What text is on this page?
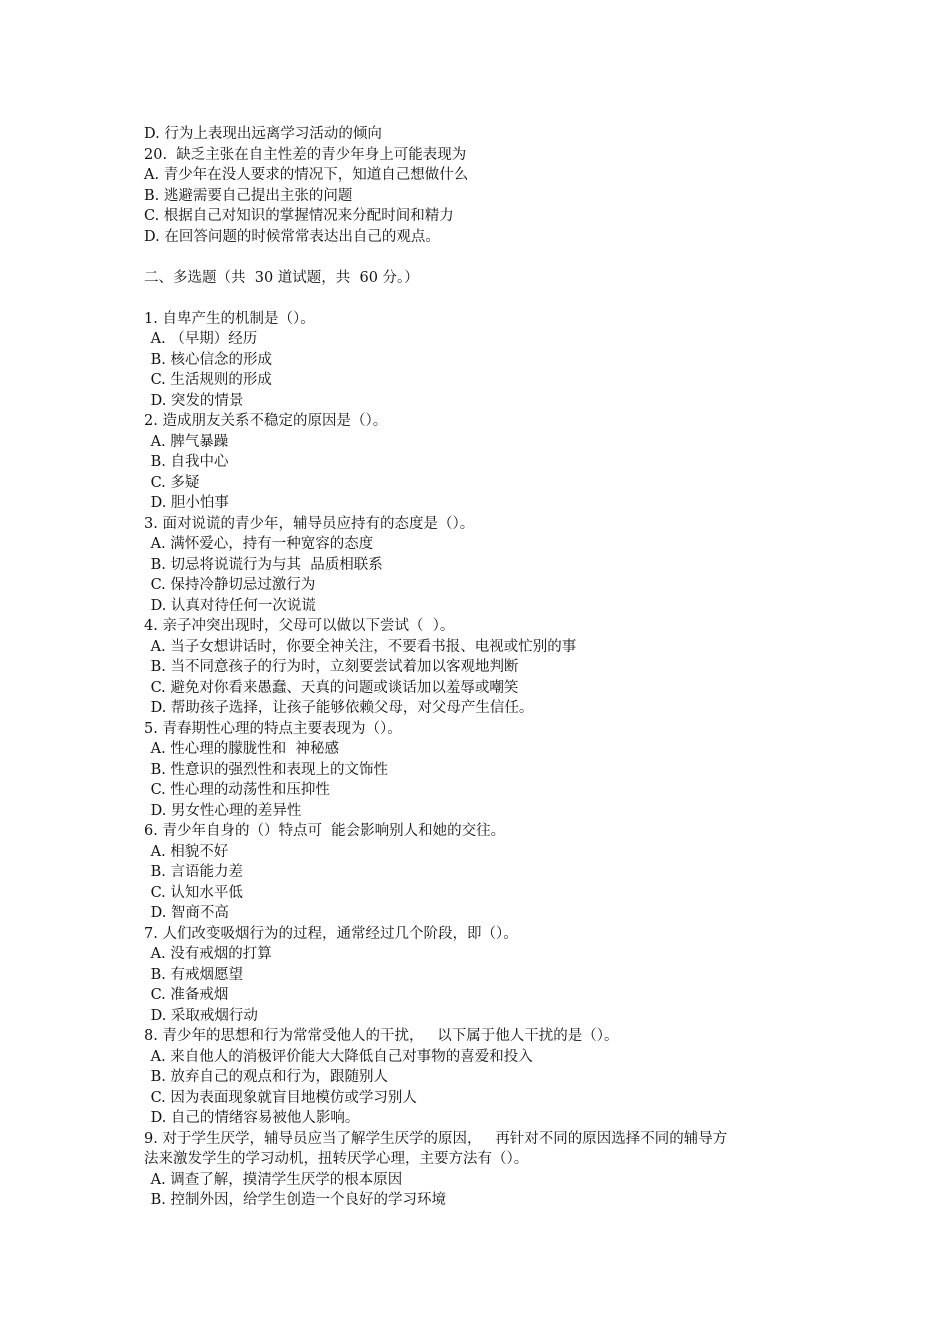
D. 行为上表现出远离学习活动的倾向
20.  缺乏主张在自主性差的青少年身上可能表现为
A. 青少年在没人要求的情况下，知道自己想做什么
B. 逃避需要自己提出主张的问题
C. 根据自己对知识的掌握情况来分配时间和精力
D. 在回答问题的时候常常表达出自己的观点。
二、多选题（共  30 道试题，共  60 分。）
1. 自卑产生的机制是（）。
A. （早期）经历
B. 核心信念的形成
C. 生活规则的形成
D. 突发的情景
2. 造成朋友关系不稳定的原因是（）。
A. 脾气暴躁
B. 自我中心
C. 多疑
D. 胆小怕事
3. 面对说谎的青少年，辅导员应持有的态度是（）。
A. 满怀爱心，持有一种宽容的态度
B. 切忌将说谎行为与其  品质相联系
C. 保持冷静切忌过激行为
D. 认真对待任何一次说谎
4. 亲子冲突出现时，父母可以做以下尝试（  ）。
A. 当子女想讲话时，你要全神关注，不要看书报、电视或忙别的事
B. 当不同意孩子的行为时，立刻要尝试着加以客观地判断
C. 避免对你看来愚蠢、天真的问题或谈话加以羞辱或嘲笑
D. 帮助孩子选择，让孩子能够依赖父母，对父母产生信任。
5. 青春期性心理的特点主要表现为（）。
A. 性心理的朦胧性和  神秘感
B. 性意识的强烈性和表现上的文饰性
C. 性心理的动荡性和压抑性
D. 男女性心理的差异性
6. 青少年自身的（）特点可  能会影响别人和她的交往。
A. 相貌不好
B. 言语能力差
C. 认知水平低
D. 智商不高
7. 人们改变吸烟行为的过程，通常经过几个阶段，即（）。
A. 没有戒烟的打算
B. 有戒烟愿望
C. 准备戒烟
D. 采取戒烟行动
8. 青少年的思想和行为常常受他人的干扰，   以下属于他人干扰的是（）。
A. 来自他人的消极评价能大大降低自己对事物的喜爱和投入
B. 放弃自己的观点和行为，跟随别人
C. 因为表面现象就盲目地模仿或学习别人
D. 自己的情绪容易被他人影响。
9. 对于学生厌学，辅导员应当了解学生厌学的原因，   再针对不同的原因选择不同的辅导方
法来激发学生的学习动机，扭转厌学心理，主要方法有（）。
A. 调查了解，摸清学生厌学的根本原因
B. 控制外因，给学生创造一个良好的学习环境
